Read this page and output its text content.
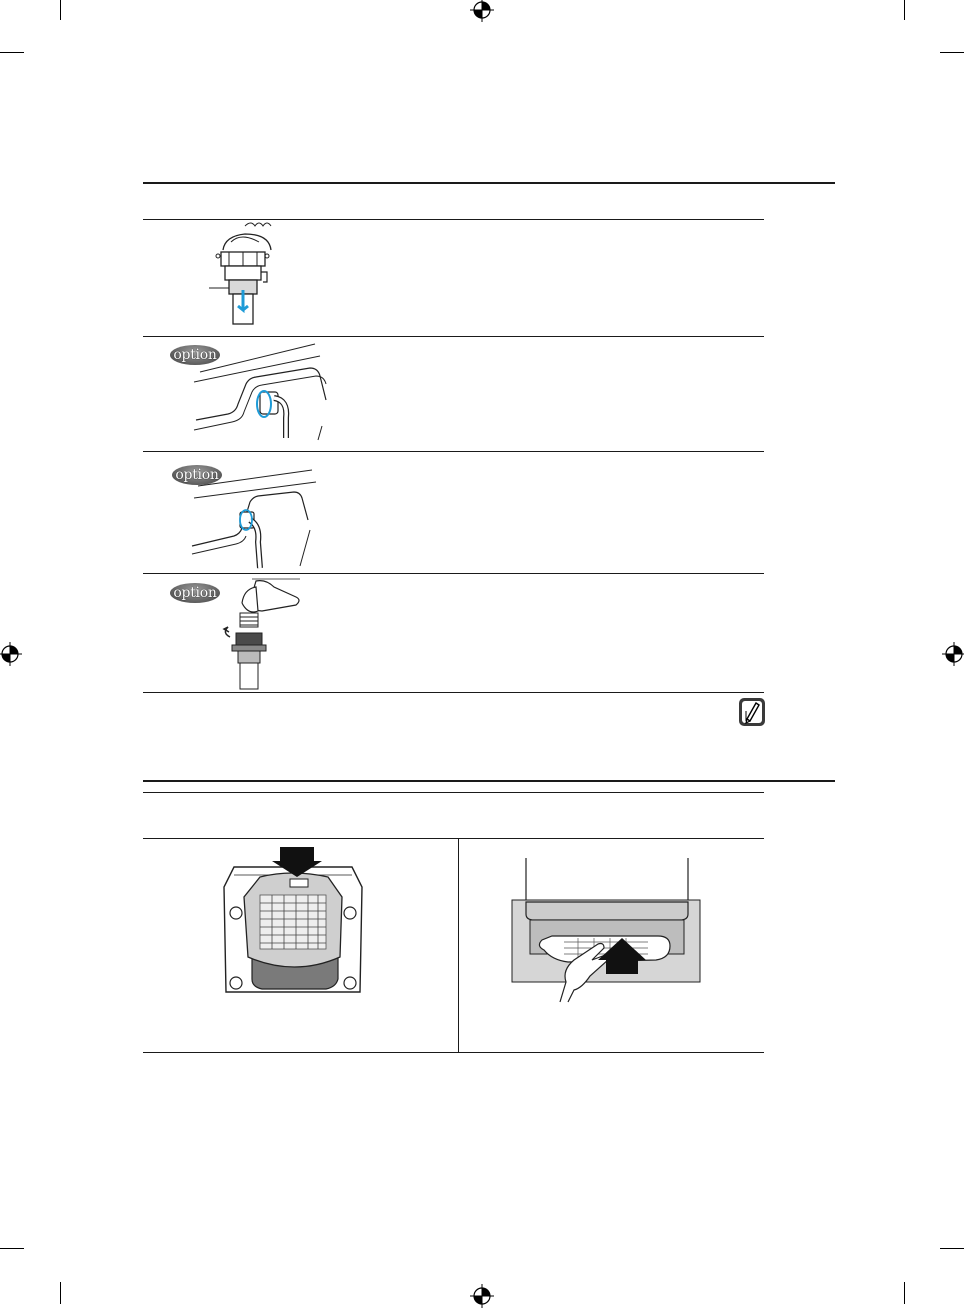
option
option
option
